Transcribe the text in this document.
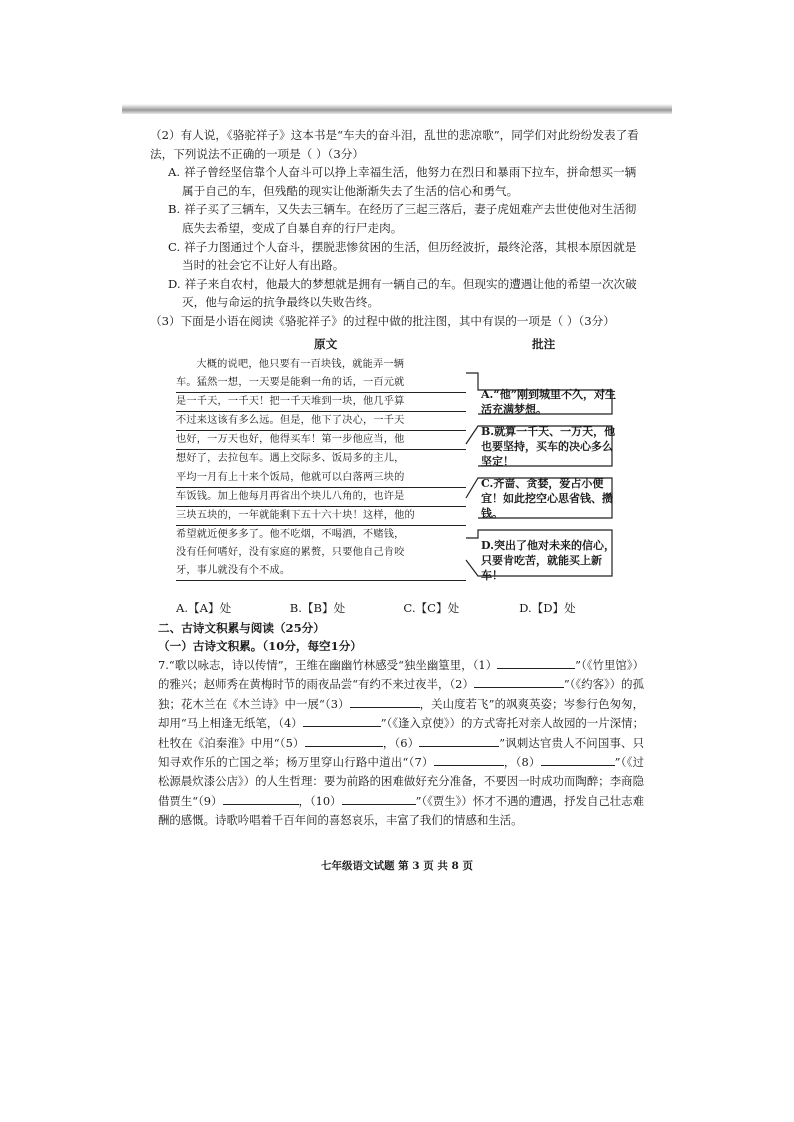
（2）有人说，《骆驼祥子》这本书是“车夫的奋斗泪，乱世的悲凉歌”，同学们对此纷纷发表了看法，下列说法不正确的一项是（ ）（3分）

A. 祥子曾经坚信靠个人奋斗可以挣上幸福生活，他努力在烈日和暴雨下拉车，拼命想买一辆属于自己的车，但残酷的现实让他渐渐失去了生活的信心和勇气。

B. 祥子买了三辆车，又失去三辆车。在经历了三起三落后，妻子虎妞难产去世使他对生活彻底失去希望，变成了自暴自弃的行尸走肉。

C. 祥子力图通过个人奋斗，摆脱悲惨贫困的生活，但历经波折，最终沦落，其根本原因就是当时的社会它不让好人有出路。

D. 祥子来自农村，他最大的梦想就是拥有一辆自己的车。但现实的遭遇让他的希望一次次破灭，他与命运的抗争最终以失败告终。

（3）下面是小语在阅读《骆驼祥子》的过程中做的批注图，其中有误的一项是（ ）（3分）

原文	批注
大概的说吧，他只要有一百块钱，就能弄一辆
车。猛然一想，一天要是能剩一角的话，一百元就
是一千天，一千天！把一千天堆到一块，他几乎算
不过来这该有多么远。但是，他下了决心，一千天
也好，一万天也好，他得买车！第一步他应当，他
想好了，去拉包车。遇上交际多、饭局多的主儿，
平均一月有上十来个饭局，他就可以白落两三块的
车饭钱。加上他每月再省出个块儿八角的，也许是
三块五块的，一年就能剩下五十六十块！这样，他的
希望就近便多多了。他不吃烟，不喝酒，不赌钱，
没有任何嗜好，没有家庭的累赘，只要他自己肯咬
牙，事儿就没有个不成。
A.“他”刚到城里不久，对生活充满梦想。
B.就算一千天、一万天，他也要坚持，买车的决心多么坚定！
C.齐啬、贪婪，爱占小便宜！如此挖空心思省钱、攒钱。
D.突出了他对未来的信心，只要肯吃苦，就能买上新车！
A.【A】处	B.【B】处	C.【C】处	D.【D】处
二、古诗文积累与阅读（25分）
（一）古诗文积累。（10分，每空1分）
7.“歌以咏志，诗以传情”，王维在幽幽竹林感受“独坐幽篁里，（1）	”（《竹里馆》）的雅兴；赵师秀在黄梅时节的雨夜品尝“有约不来过夜半，（2）	”（《约客》）的孤独；花木兰在《木兰诗》中一展“（3）	，关山度若飞”的飒爽英姿；岑参行色匆匆，却用“马上相逢无纸笔，（4）	”（《逢入京使》）的方式寄托对亲人故园的一片深情；杜牧在《泊秦淮》中用“（5）	，（6）	”讽刺达官贵人不问国事、只知寻欢作乐的亡国之举；杨万里穿山行路中道出“（7）	，（8）	”（《过松源晨炊漆公店》）的人生哲理：要为前路的困难做好充分准备，不要因一时成功而陶醉；李商隐借贾生“（9）	，（10）	”（《贾生》）怀才不遇的遭遇，抒发自己壮志难酬的感慨。诗歌吟唱着千百年间的喜怒哀乐，丰富了我们的情感和生活。
七年级语文试题 第 3 页 共 8 页
